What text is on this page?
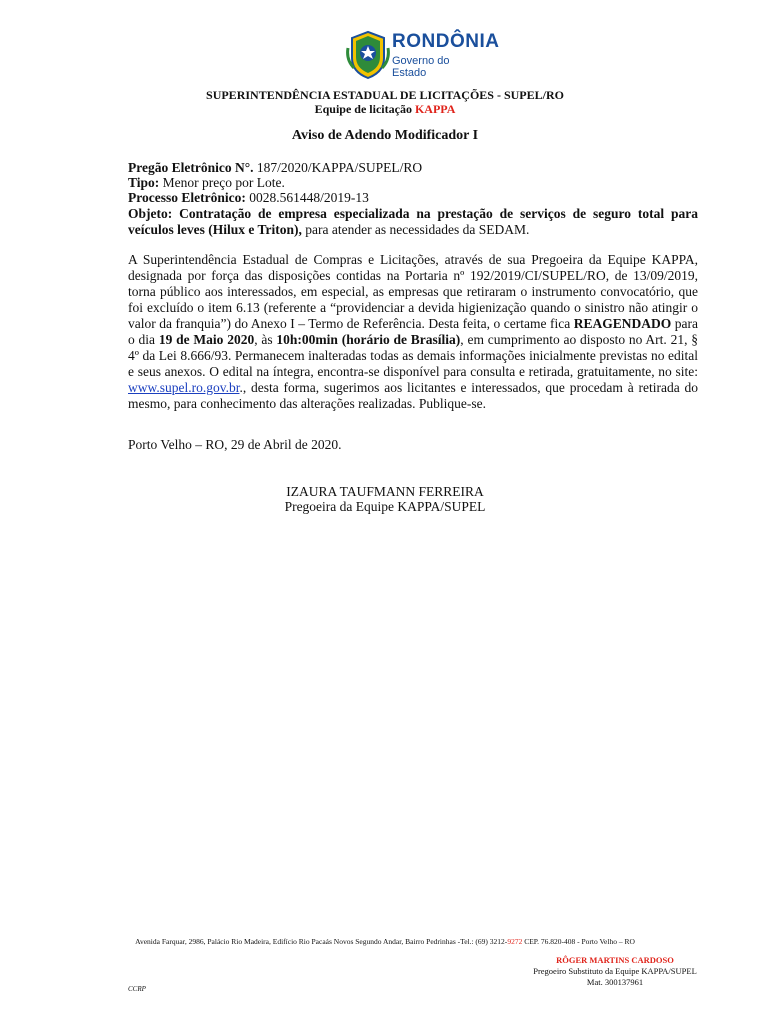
RONDÔNIA
Governo do Estado
SUPERINTENDÊNCIA ESTADUAL DE LICITAÇÕES - SUPEL/RO
Equipe de licitação KAPPA
Aviso de Adendo Modificador I
Pregão Eletrônico N°. 187/2020/KAPPA/SUPEL/RO
Tipo: Menor preço por Lote.
Processo Eletrônico: 0028.561448/2019-13
Objeto: Contratação de empresa especializada na prestação de serviços de seguro total para veículos leves (Hilux e Triton), para atender as necessidades da SEDAM.
A Superintendência Estadual de Compras e Licitações, através de sua Pregoeira da Equipe KAPPA, designada por força das disposições contidas na Portaria nº 192/2019/CI/SUPEL/RO, de 13/09/2019, torna público aos interessados, em especial, as empresas que retiraram o instrumento convocatório, que foi excluído o item 6.13 (referente a “providenciar a devida higienização quando o sinistro não atingir o valor da franquia”) do Anexo I – Termo de Referência. Desta feita, o certame fica REAGENDADO para o dia 19 de Maio 2020, às 10h:00min (horário de Brasília), em cumprimento ao disposto no Art. 21, § 4º da Lei 8.666/93. Permanecem inalteradas todas as demais informações inicialmente previstas no edital e seus anexos. O edital na íntegra, encontra-se disponível para consulta e retirada, gratuitamente, no site: www.supel.ro.gov.br., desta forma, sugerimos aos licitantes e interessados, que procedam à retirada do mesmo, para conhecimento das alterações realizadas. Publique-se.
Porto Velho – RO, 29 de Abril de 2020.
IZAURA TAUFMANN FERREIRA
Pregoeira da Equipe KAPPA/SUPEL
Avenida Farquar, 2986, Palácio Rio Madeira, Edifício Rio Pacaás Novos Segundo Andar, Bairro Pedrinhas -Tel.: (69) 3212-9272 CEP. 76.820-408 - Porto Velho – RO
RÔGER MARTINS CARDOSO
Pregoeiro Substituto da Equipe KAPPA/SUPEL
Mat. 300137961
CCRP
